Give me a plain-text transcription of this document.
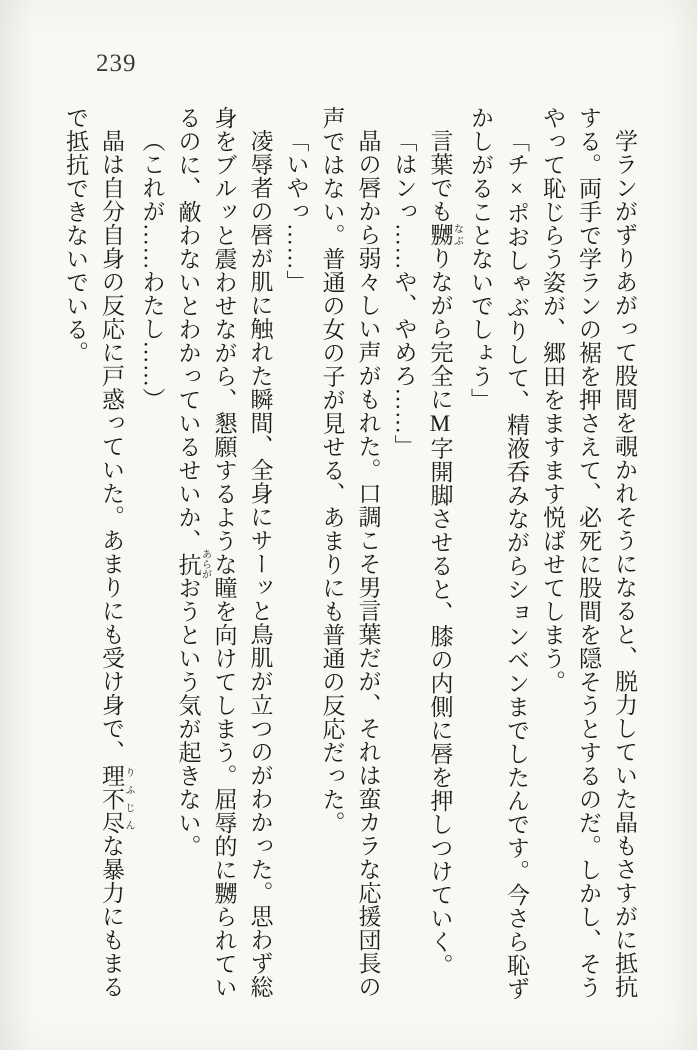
239

学ランがずりあがって股間を覗かれそうになると、脱力していた晶もさすがに抵抗する。両手で学ランの裾を押さえて、必死に股間を隠そうとするのだ。しかし、そうやって恥じらう姿が、郷田をますます悦ばせてしまう。

「チ×ポおしゃぶりして、精液呑みながらションベンまでしたんです。今さら恥ずかしがることないでしょう」

言葉でも嬲 なぶりながら完全にM字開脚させると、膝の内側に唇を押しつけていく。

「はンっ……や、やめろ……」

晶の唇から弱々しい声がもれた。口調こそ男言葉だが、それは蛮カラな応援団長の声ではない。普通の女の子が見せる、あまりにも普通の反応だった。

「いやっ……」

凌辱者の唇が肌に触れた瞬間、全身にサーッと鳥肌が立つのがわかった。思わず総身をブルッと震わせながら、懇願するような瞳を向けてしまう。屈辱的に嬲られているのに、敵わないとわかっているせいか、抗 あらがおうという気が起きない。

（これが……わたし……）

晶は自分自身の反応に戸惑っていた。あまりにも受け身で、理不尽 りふじんな暴力にもまるで抵抗できないでいる。
